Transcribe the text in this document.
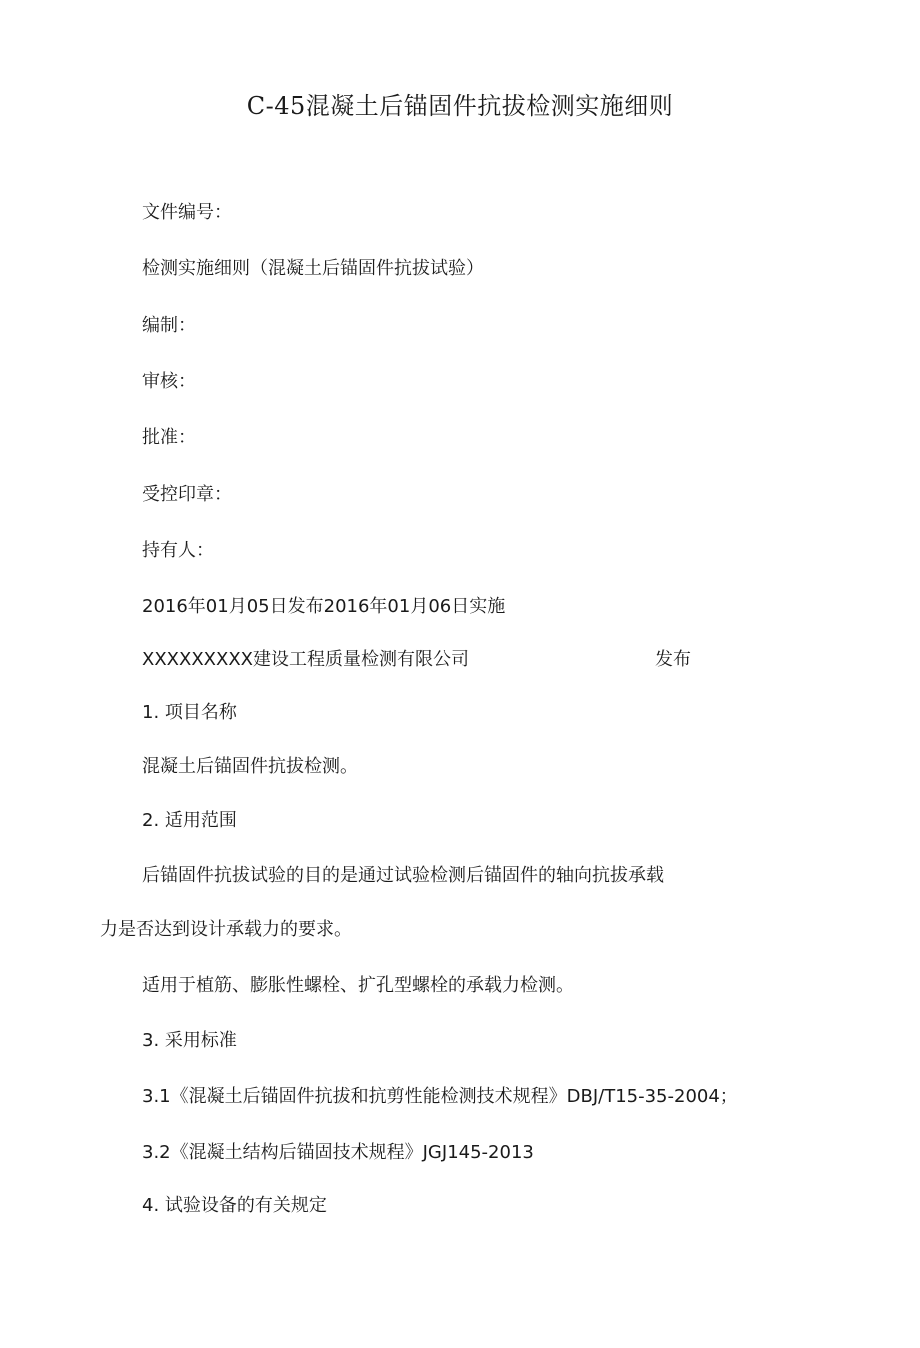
C-45混凝土后锚固件抗拔检测实施细则
文件编号：
检测实施细则（混凝土后锚固件抗拔试验）
编制：
审核：
批准：
受控印章：
持有人：
2016年01月05日发布2016年01月06日实施
XXXXXXXXX建设工程质量检测有限公司	发布
1. 项目名称
混凝土后锚固件抗拔检测。
2. 适用范围
后锚固件抗拔试验的目的是通过试验检测后锚固件的轴向抗拔承载
力是否达到设计承载力的要求。
适用于植筋、膨胀性螺栓、扩孔型螺栓的承载力检测。
3. 采用标准
3.1《混凝土后锚固件抗拔和抗剪性能检测技术规程》DBJ/T15-35-2004；
3.2《混凝土结构后锚固技术规程》JGJ145-2013
4. 试验设备的有关规定
